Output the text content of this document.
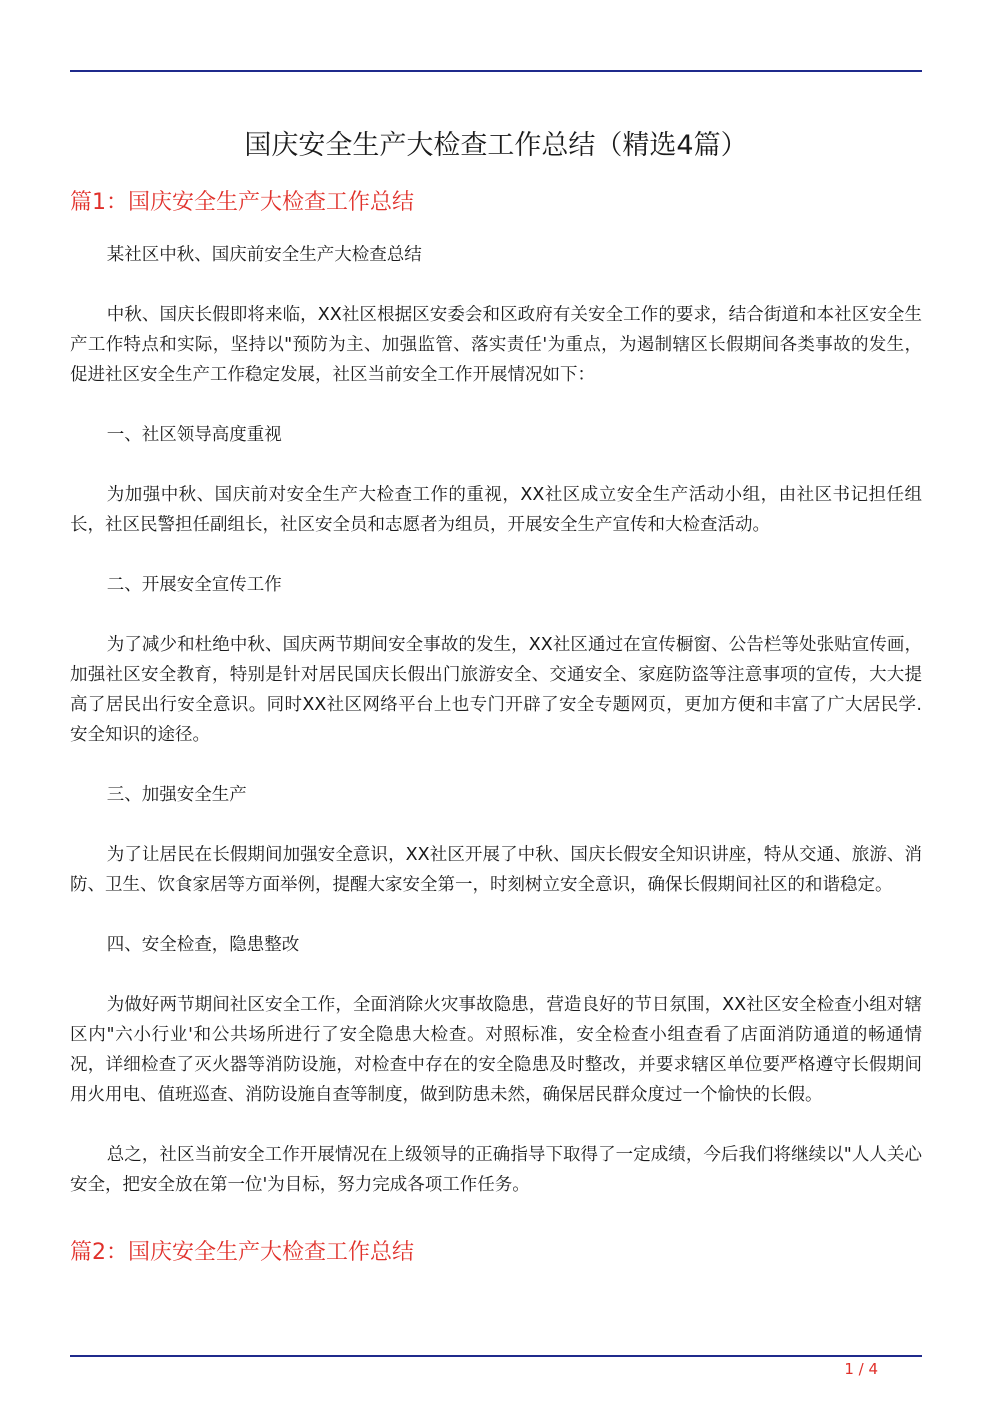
国庆安全生产大检查工作总结（精选4篇）
篇1：国庆安全生产大检查工作总结

某社区中秋、国庆前安全生产大检查总结

中秋、国庆长假即将来临，XX社区根据区安委会和区政府有关安全工作的要求，结合街道和本社区安全生产工作特点和实际，坚持以"预防为主、加强监管、落实责任'为重点，为遏制辖区长假期间各类事故的发生，促进社区安全生产工作稳定发展，社区当前安全工作开展情况如下：

一、社区领导高度重视

为加强中秋、国庆前对安全生产大检查工作的重视，XX社区成立安全生产活动小组，由社区书记担任组长，社区民警担任副组长，社区安全员和志愿者为组员，开展安全生产宣传和大检查活动。

二、开展安全宣传工作

为了减少和杜绝中秋、国庆两节期间安全事故的发生，XX社区通过在宣传橱窗、公告栏等处张贴宣传画，加强社区安全教育，特别是针对居民国庆长假出门旅游安全、交通安全、家庭防盗等注意事项的宣传，大大提高了居民出行安全意识。同时XX社区网络平台上也专门开辟了安全专题网页，更加方便和丰富了广大居民学.安全知识的途径。

三、加强安全生产

为了让居民在长假期间加强安全意识，XX社区开展了中秋、国庆长假安全知识讲座，特从交通、旅游、消防、卫生、饮食家居等方面举例，提醒大家安全第一，时刻树立安全意识，确保长假期间社区的和谐稳定。

四、安全检查，隐患整改

为做好两节期间社区安全工作，全面消除火灾事故隐患，营造良好的节日氛围，XX社区安全检查小组对辖区内"六小行业'和公共场所进行了安全隐患大检查。对照标准，安全检查小组查看了店面消防通道的畅通情况，详细检查了灭火器等消防设施，对检查中存在的安全隐患及时整改，并要求辖区单位要严格遵守长假期间用火用电、值班巡查、消防设施自查等制度，做到防患未然，确保居民群众度过一个愉快的长假。

总之，社区当前安全工作开展情况在上级领导的正确指导下取得了一定成绩，今后我们将继续以"人人关心安全，把安全放在第一位'为目标，努力完成各项工作任务。

篇2：国庆安全生产大检查工作总结
1 / 4
